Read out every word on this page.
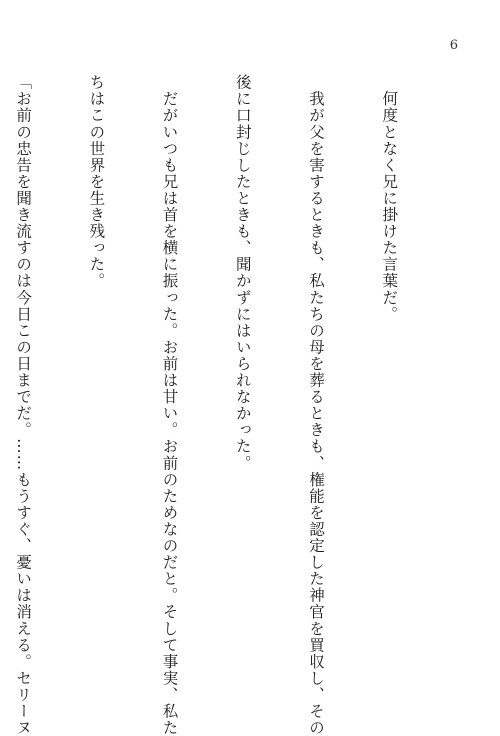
6

　何度となく兄に掛けた言葉だ。

　我が父を害するときも、私たちの母を葬るときも、権能を認定した神官を買収し、その

後に口封じしたときも、聞かずにはいられなかった。

　だがいつも兄は首を横に振った。お前は甘い。お前のためなのだと。そして事実、私た

ちはこの世界を生き残った。

「お前の忠告を聞き流すのは今日この日までだ。……もうすぐ、憂いは消える。セリーヌ
